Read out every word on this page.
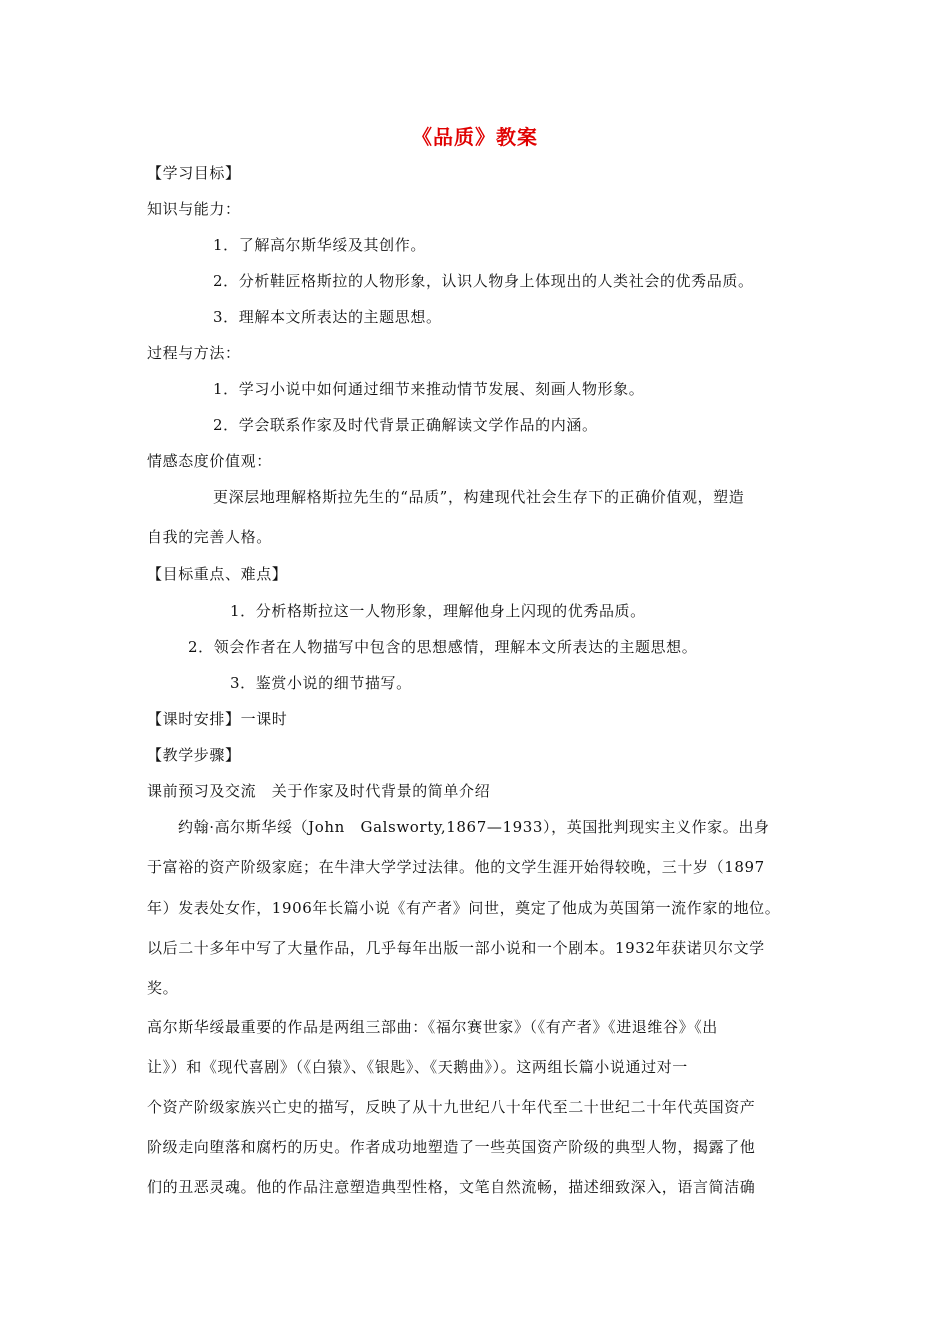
《品质》教案
【学习目标】
知识与能力：
1．了解高尔斯华绥及其创作。
2．分析鞋匠格斯拉的人物形象，认识人物身上体现出的人类社会的优秀品质。
3．理解本文所表达的主题思想。
过程与方法：
1．学习小说中如何通过细节来推动情节发展、刻画人物形象。
2．学会联系作家及时代背景正确解读文学作品的内涵。
情感态度价值观：
更深层地理解格斯拉先生的“品质”，构建现代社会生存下的正确价值观，塑造
自我的完善人格。
【目标重点、难点】
1．分析格斯拉这一人物形象，理解他身上闪现的优秀品质。
2．领会作者在人物描写中包含的思想感情，理解本文所表达的主题思想。
3．鉴赏小说的细节描写。
【课时安排】一课时
【教学步骤】
课前预习及交流　关于作家及时代背景的简单介绍
约翰·高尔斯华绥（John　Galsworty,1867—1933），英国批判现实主义作家。出身
于富裕的资产阶级家庭；在牛津大学学过法律。他的文学生涯开始得较晚，三十岁（1897
年）发表处女作，1906年长篇小说《有产者》问世，奠定了他成为英国第一流作家的地位。
以后二十多年中写了大量作品，几乎每年出版一部小说和一个剧本。1932年获诺贝尔文学
奖。
高尔斯华绥最重要的作品是两组三部曲：《福尔赛世家》（《有产者》《进退维谷》《出
让》）和《现代喜剧》（《白猿》、《银匙》、《天鹅曲》）。这两组长篇小说通过对一
个资产阶级家族兴亡史的描写，反映了从十九世纪八十年代至二十世纪二十年代英国资产
阶级走向堕落和腐朽的历史。作者成功地塑造了一些英国资产阶级的典型人物，揭露了他
们的丑恶灵魂。他的作品注意塑造典型性格，文笔自然流畅，描述细致深入，语言简洁确
